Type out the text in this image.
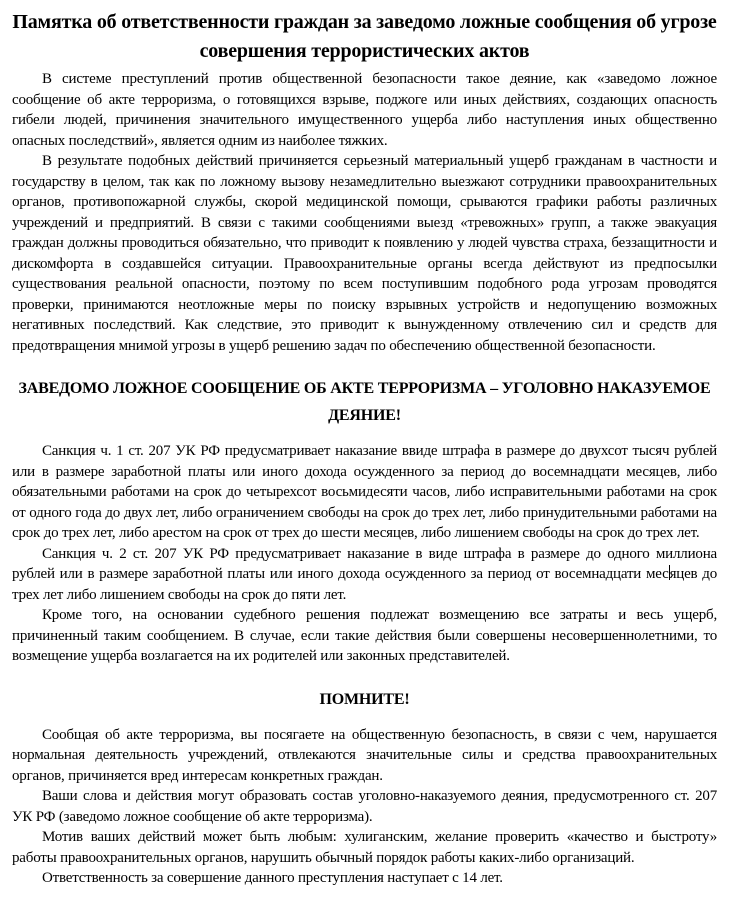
Памятка об ответственности граждан за заведомо ложные сообщения об угрозе совершения террористических актов

В системе преступлений против общественной безопасности такое деяние, как «заведомо ложное сообщение об акте терроризма, о готовящихся взрыве, поджоге или иных действиях, создающих опасность гибели людей, причинения значительного имущественного ущерба либо наступления иных общественно опасных последствий», является одним из наиболее тяжких.

В результате подобных действий причиняется серьезный материальный ущерб гражданам в частности и государству в целом, так как по ложному вызову незамедлительно выезжают сотрудники правоохранительных органов, противопожарной службы, скорой медицинской помощи, срываются графики работы различных учреждений и предприятий. В связи с такими сообщениями выезд «тревожных» групп, а также эвакуация граждан должны проводиться обязательно, что приводит к появлению у людей чувства страха, беззащитности и дискомфорта в создавшейся ситуации. Правоохранительные органы всегда действуют из предпосылки существования реальной опасности, поэтому по всем поступившим подобного рода угрозам проводятся проверки, принимаются неотложные меры по поиску взрывных устройств и недопущению возможных негативных последствий. Как следствие, это приводит к вынужденному отвлечению сил и средств для предотвращения мнимой угрозы в ущерб решению задач по обеспечению общественной безопасности.

ЗАВЕДОМО ЛОЖНОЕ СООБЩЕНИЕ ОБ АКТЕ ТЕРРОРИЗМА – УГОЛОВНО НАКАЗУЕМОЕ ДЕЯНИЕ!

Санкция ч. 1 ст. 207 УК РФ предусматривает наказание ввиде штрафа в размере до двухсот тысяч рублей или в размере заработной платы или иного дохода осужденного за период до восемнадцати месяцев, либо обязательными работами на срок до четырехсот восьмидесяти часов, либо исправительными работами на срок от одного года до двух лет, либо ограничением свободы на срок до трех лет, либо принудительными работами на срок до трех лет, либо арестом на срок от трех до шести месяцев, либо лишением свободы на срок до трех лет.

Санкция ч. 2 ст. 207 УК РФ предусматривает наказание в виде штрафа в размере до одного миллиона рублей или в размере заработной платы или иного дохода осужденного за период от восемнадцати месяцев до трех лет либо лишением свободы на срок до пяти лет.

Кроме того, на основании судебного решения подлежат возмещению все затраты и весь ущерб, причиненный таким сообщением. В случае, если такие действия были совершены несовершеннолетними, то возмещение ущерба возлагается на их родителей или законных представителей.

ПОМНИТЕ!

Сообщая об акте терроризма, вы посягаете на общественную безопасность, в связи с чем, нарушается нормальная деятельность учреждений, отвлекаются значительные силы и средства правоохранительных органов, причиняется вред интересам конкретных граждан.

Ваши слова и действия могут образовать состав уголовно-наказуемого деяния, предусмотренного ст. 207 УК РФ (заведомо ложное сообщение об акте терроризма).

Мотив ваших действий может быть любым: хулиганским, желание проверить «качество и быстроту» работы правоохранительных органов, нарушить обычный порядок работы каких-либо организаций.

Ответственность за совершение данного преступления наступает с 14 лет.
